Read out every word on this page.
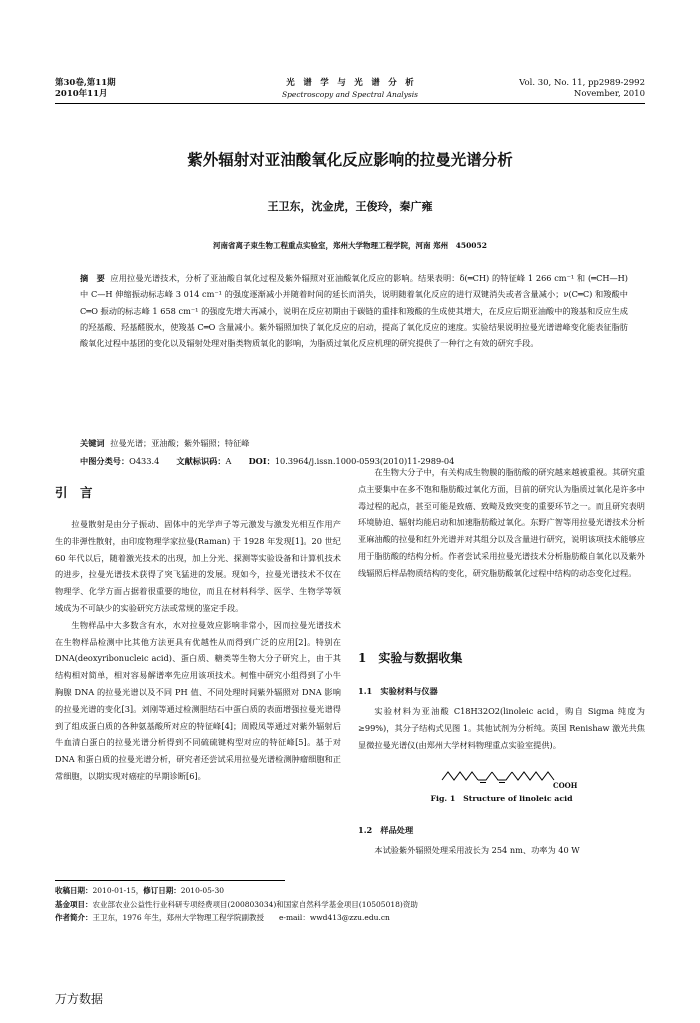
第30卷,第11期
2010年11月
光　谱　学　与　光　谱　分　析
Spectroscopy and Spectral Analysis
Vol. 30, No. 11, pp2989-2992
November, 2010
紫外辐射对亚油酸氧化反应影响的拉曼光谱分析
王卫东，沈金虎，王俊玲，秦广雍
河南省离子束生物工程重点实验室，郑州大学物理工程学院，河南 郑州　450052
摘　要 应用拉曼光谱技术，分析了亚油酸自氧化过程及紫外辐照对亚油酸氧化反应的影响。结果表明：δ(═CH) 的特征峰 1 266 cm⁻¹ 和 (═CH—H) 中 C—H 伸缩振动标志峰 3 014 cm⁻¹ 的强度逐渐减小并随着时间的延长而消失，说明随着氧化反应的进行双键消失或者含量减小；ν(C═C) 和羧酸中 C═O 振动的标志峰 1 658 cm⁻¹ 的强度先增大再减小，说明在反应初期由于碳链的重排和羧酸的生成使其增大，在反应后期亚油酸中的羧基和反应生成的羟基酸、羟基醛脱水，使羧基 C═O 含量减小。紫外辐照加快了氧化反应的启动，提高了氧化反应的速度。实验结果说明拉曼光谱谱峰变化能表征脂肪酸氧化过程中基团的变化以及辐射处理对脂类物质氧化的影响，为脂质过氧化反应机理的研究提供了一种行之有效的研究手段。
关键词 拉曼光谱；亚油酸；紫外辐照；特征峰
中图分类号：O433.4 文献标识码：A DOI：10.3964/j.issn.1000-0593(2010)11-2989-04
引　言

拉曼散射是由分子振动、固体中的光学声子等元激发与激发光相互作用产生的非弹性散射，由印度物理学家拉曼(Raman) 于 1928 年发现[1]。20 世纪 60 年代以后，随着激光技术的出现，加上分光、探测等实验设备和计算机技术的进步，拉曼光谱技术获得了突飞猛进的发展。现如今，拉曼光谱技术不仅在物理学、化学方面占据着很重要的地位，而且在材料科学、医学、生物学等领域成为不可缺少的实验研究方法或常规的鉴定手段。

生物样品中大多数含有水，水对拉曼效应影响非常小，因而拉曼光谱技术在生物样品检测中比其他方法更具有优越性从而得到广泛的应用[2]。特别在 DNA(deoxyribonucleic acid)、蛋白质、糖类等生物大分子研究上，由于其结构相对简单，相对容易解谱率先应用该项技术。柯惟中研究小组得到了小牛胸腺 DNA 的拉曼光谱以及不同 PH 值、不同处理时间紫外辐照对 DNA 影响的拉曼光谱的变化[3]。刘刚等通过检测胆结石中蛋白质的表面增强拉曼光谱得到了组成蛋白质的各种氨基酸所对应的特征峰[4]；周殿凤等通过对紫外辐射后牛血清白蛋白的拉曼光谱分析得到不同硫硫键构型对应的特征峰[5]。基于对 DNA 和蛋白质的拉曼光谱分析，研究者还尝试采用拉曼光谱检测肿瘤细胞和正常细胞，以期实现对癌症的早期诊断[6]。

在生物大分子中，有关构成生物膜的脂肪酸的研究越来越被重视。其研究重点主要集中在多不饱和脂肪酸过氧化方面，目前的研究认为脂质过氧化是许多中毒过程的起点，甚至可能是致癌、致畸及致突变的重要环节之一。而且研究表明环境胁迫、辐射均能启动和加速脂肪酸过氧化。东野广智等用拉曼光谱技术分析亚麻油酸的拉曼和红外光谱并对其组分以及含量进行研究，说明该项技术能够应用于脂肪酸的结构分析。作者尝试采用拉曼光谱技术分析脂肪酸自氧化以及紫外线辐照后样品物质结构的变化，研究脂肪酸氧化过程中结构的动态变化过程。

1　实验与数据收集
1.1　实验材料与仪器

实验材料为亚油酸 C18H32O2(linoleic acid，购自 Sigma 纯度为≥99%)，其分子结构式见图 1。其他试剂为分析纯。英国 Renishaw 激光共焦显微拉曼光谱仪(由郑州大学材料物理重点实验室提供)。

COOH
Fig. 1　Structure of linoleic acid
1.2　样品处理

本试验紫外辐照处理采用波长为 254 nm、功率为 40 W

收稿日期：2010-01-15，修订日期：2010-05-30
基金项目：农业部农业公益性行业科研专项经费项目(200803034)和国家自然科学基金项目(10505018)资助
作者简介：王卫东，1976 年生，郑州大学物理工程学院副教授　　e-mail：wwd413@zzu.edu.cn
万方数据
